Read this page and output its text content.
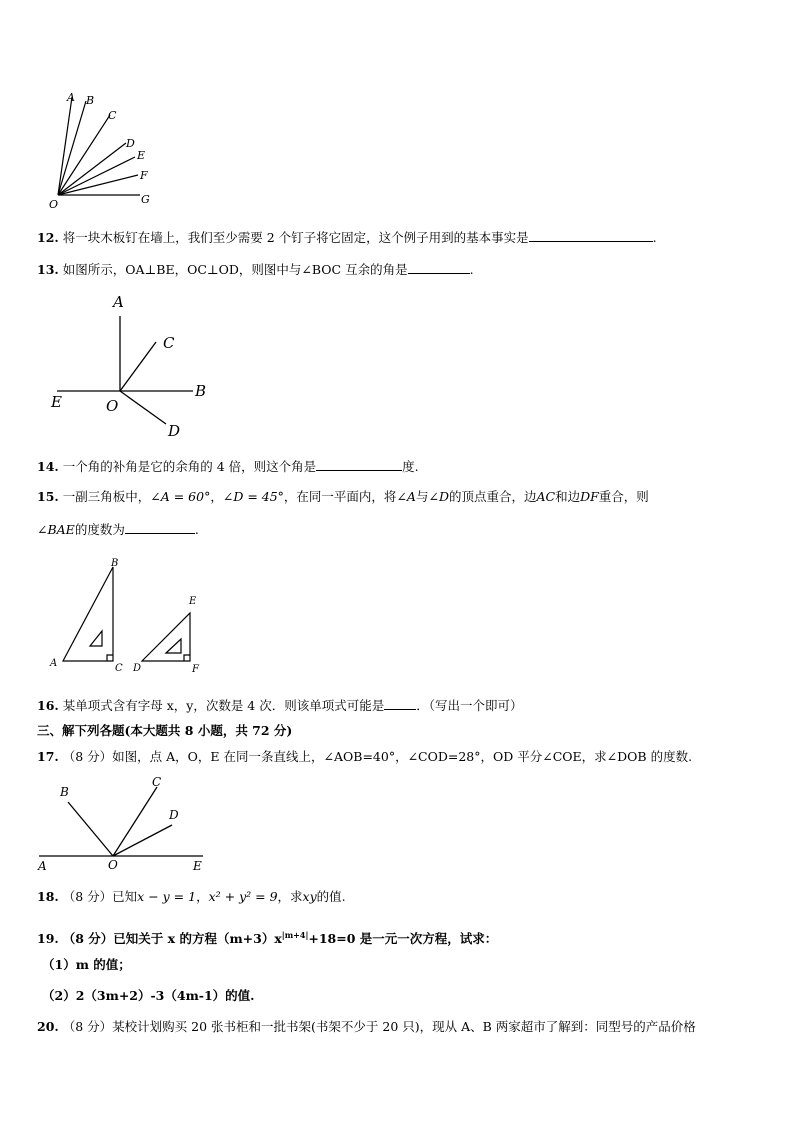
A B
C
D
E
F
G
O
12. 将一块木板钉在墙上，我们至少需要 2 个钉子将它固定，这个例子用到的基本事实是	.
13. 如图所示，OA⊥BE，OC⊥OD，则图中与∠BOC 互余的角是	.
A
C
E	O
B
D
14. 一个角的补角是它的余角的 4 倍，则这个角是	度.
15. 一副三角板中，∠A = 60°，∠D = 45°，在同一平面内，将∠A与∠D的顶点重合，边AC和边DF重合，则
∠BAE的度数为	.
B
A	C
E
D	F
16. 某单项式含有字母 x，y，次数是 4 次．则该单项式可能是	．（写出一个即可）
三、解下列各题(本大题共 8 小题，共 72 分)
17. （8 分）如图，点 A，O，E 在同一条直线上，∠AOB=40°，∠COD=28°，OD 平分∠COE，求∠DOB 的度数.
B
C
D
A	O	E
18. （8 分）已知x − y = 1，x² + y² = 9，求xy的值.
19. （8 分）已知关于 x 的方程$(m+3)x^{|m+4|}+18=0$ 是一元一次方程，试求：
（1）m 的值；
（2）2（3m+2）-3（4m-1）的值.
20. （8 分）某校计划购买 20 张书柜和一批书架(书架不少于 20 只)，现从 A、B 两家超市了解到：同型号的产品价格
